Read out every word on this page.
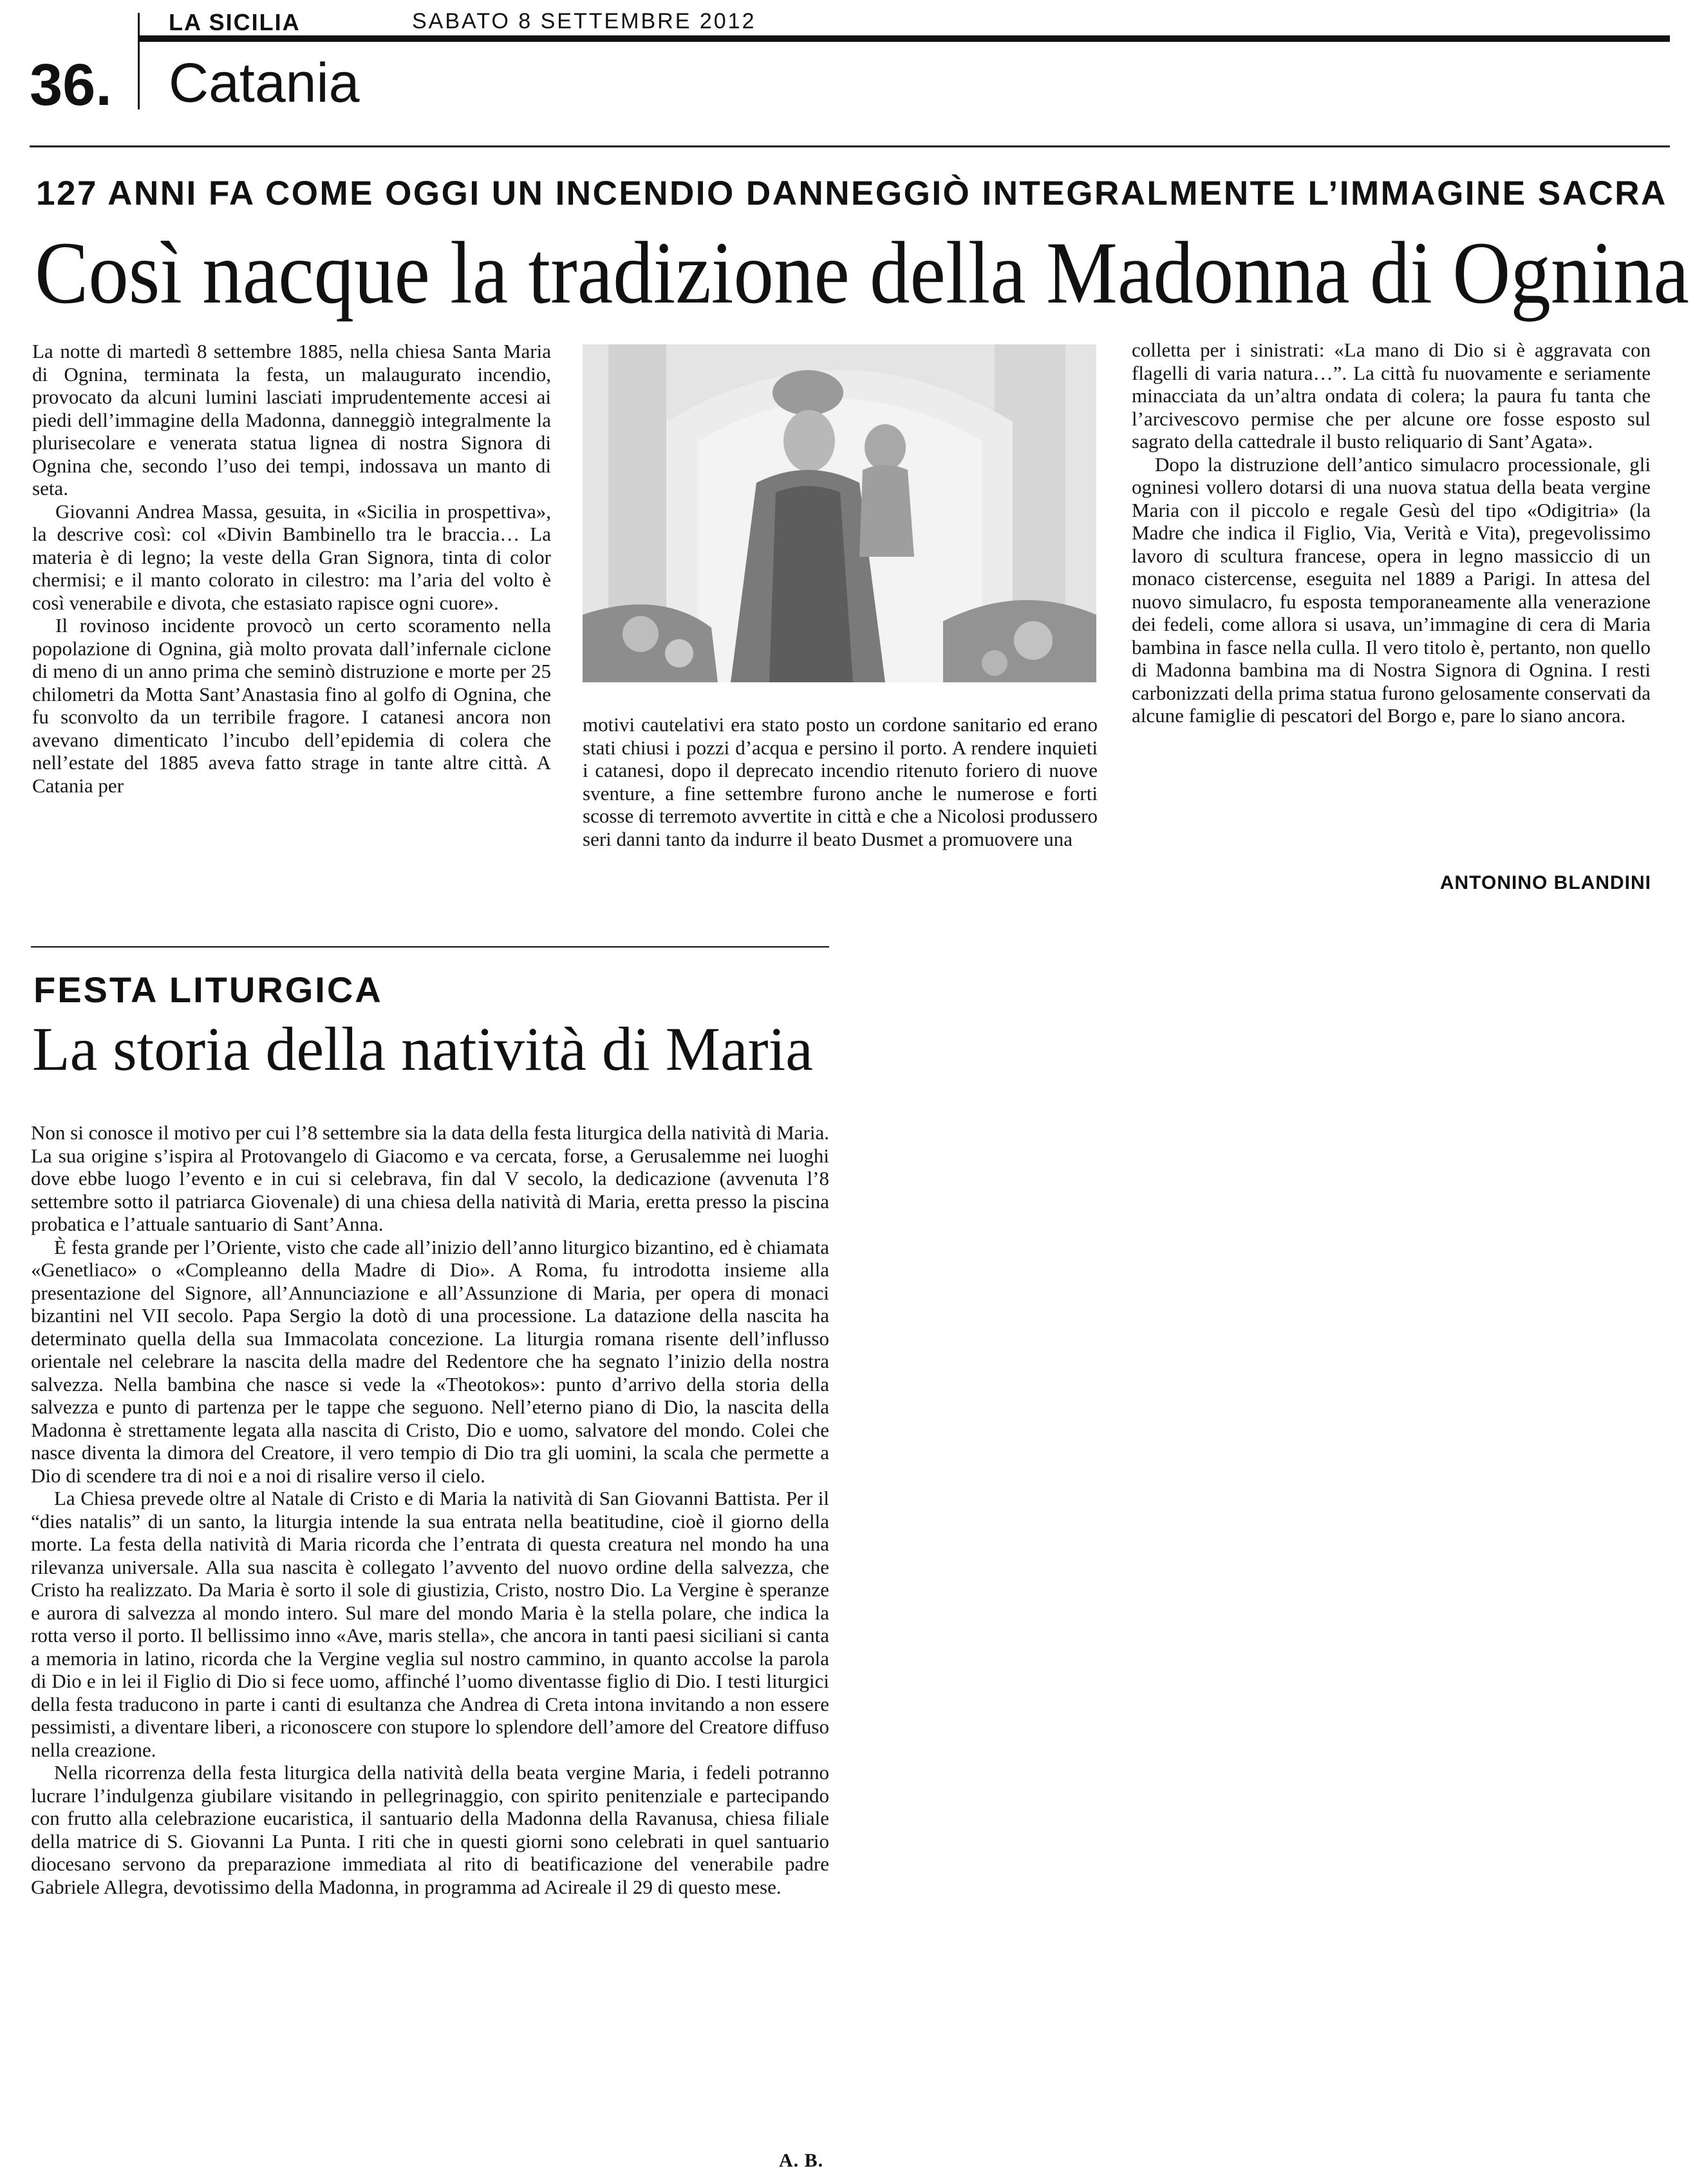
LA SICILIA	SABATO 8 SETTEMBRE 2012
36. Catania
127 ANNI FA COME OGGI UN INCENDIO DANNEGGIÒ INTEGRALMENTE L’IMMAGINE SACRA
Così nacque la tradizione della Madonna di Ognina

La notte di martedì 8 settembre 1885, nella chiesa Santa Maria di Ognina, terminata la festa, un malaugurato incendio, provocato da alcuni lumini lasciati imprudentemente accesi ai piedi dell’immagine della Madonna, danneggiò integralmente la plurisecolare e venerata statua lignea di nostra Signora di Ognina che, secondo l’uso dei tempi, indossava un manto di seta.

Giovanni Andrea Massa, gesuita, in «Sicilia in prospettiva», la descrive così: col «Divin Bambinello tra le braccia… La materia è di legno; la veste della Gran Signora, tinta di color chermisi; e il manto colorato in cilestro: ma l’aria del volto è così venerabile e divota, che estasiato rapisce ogni cuore».

Il rovinoso incidente provocò un certo scoramento nella popolazione di Ognina, già molto provata dall’infernale ciclone di meno di un anno prima che seminò distruzione e morte per 25 chilometri da Motta Sant’Anastasia fino al golfo di Ognina, che fu sconvolto da un terribile fragore. I catanesi ancora non avevano dimenticato l’incubo dell’epidemia di colera che nell’estate del 1885 aveva fatto strage in tante altre città. A Catania per

motivi cautelativi era stato posto un cordone sanitario ed erano stati chiusi i pozzi d’acqua e persino il porto. A rendere inquieti i catanesi, dopo il deprecato incendio ritenuto foriero di nuove sventure, a fine settembre furono anche le numerose e forti scosse di terremoto avvertite in città e che a Nicolosi produssero seri danni tanto da indurre il beato Dusmet a promuovere una

colletta per i sinistrati: «La mano di Dio si è aggravata con flagelli di varia natura…”. La città fu nuovamente e seriamente minacciata da un’altra ondata di colera; la paura fu tanta che l’arcivescovo permise che per alcune ore fosse esposto sul sagrato della cattedrale il busto reliquario di Sant’Agata».

Dopo la distruzione dell’antico simulacro processionale, gli ogninesi vollero dotarsi di una nuova statua della beata vergine Maria con il piccolo e regale Gesù del tipo «Odigitria» (la Madre che indica il Figlio, Via, Verità e Vita), pregevolissimo lavoro di scultura francese, opera in legno massiccio di un monaco cistercense, eseguita nel 1889 a Parigi. In attesa del nuovo simulacro, fu esposta temporaneamente alla venerazione dei fedeli, come allora si usava, un’immagine di cera di Maria bambina in fasce nella culla. Il vero titolo è, pertanto, non quello di Madonna bambina ma di Nostra Signora di Ognina. I resti carbonizzati della prima statua furono gelosamente conservati da alcune famiglie di pescatori del Borgo e, pare lo siano ancora.

ANTONINO BLANDINI
FESTA LITURGICA
La storia della natività di Maria

Non si conosce il motivo per cui l’8 settembre sia la data della festa liturgica della natività di Maria. La sua origine s’ispira al Protovangelo di Giacomo e va cercata, forse, a Gerusalemme nei luoghi dove ebbe luogo l’evento e in cui si celebrava, fin dal V secolo, la dedicazione (avvenuta l’8 settembre sotto il patriarca Giovenale) di una chiesa della natività di Maria, eretta presso la piscina probatica e l’attuale santuario di Sant’Anna.

È festa grande per l’Oriente, visto che cade all’inizio dell’anno liturgico bizantino, ed è chiamata «Genetliaco» o «Compleanno della Madre di Dio». A Roma, fu introdotta insieme alla presentazione del Signore, all’Annunciazione e all’Assunzione di Maria, per opera di monaci bizantini nel VII secolo. Papa Sergio la dotò di una processione. La datazione della nascita ha determinato quella della sua Immacolata concezione. La liturgia romana risente dell’influsso orientale nel celebrare la nascita della madre del Redentore che ha segnato l’inizio della nostra salvezza. Nella bambina che nasce si vede la «Theotokos»: punto d’arrivo della storia della salvezza e punto di partenza per le tappe che seguono. Nell’eterno piano di Dio, la nascita della Madonna è strettamente legata alla nascita di Cristo, Dio e uomo, salvatore del mondo. Colei che nasce diventa la dimora del Creatore, il vero tempio di Dio tra gli uomini, la scala che permette a Dio di scendere tra di noi e a noi di risalire verso il cielo.

La Chiesa prevede oltre al Natale di Cristo e di Maria la natività di San Giovanni Battista. Per il “dies natalis” di un santo, la liturgia intende la sua entrata nella beatitudine, cioè il giorno della morte. La festa della natività di Maria ricorda che l’entrata di questa creatura nel mondo ha una rilevanza universale. Alla sua nascita è collegato l’avvento del nuovo ordine della salvezza, che Cristo ha realizzato. Da Maria è sorto il sole di giustizia, Cristo, nostro Dio. La Vergine è speranze e aurora di salvezza al mondo intero. Sul mare del mondo Maria è la stella polare, che indica la rotta verso il porto. Il bellissimo inno «Ave, maris stella», che ancora in tanti paesi siciliani si canta a memoria in latino, ricorda che la Vergine veglia sul nostro cammino, in quanto accolse la parola di Dio e in lei il Figlio di Dio si fece uomo, affinché l’uomo diventasse figlio di Dio. I testi liturgici della festa traducono in parte i canti di esultanza che Andrea di Creta intona invitando a non essere pessimisti, a diventare liberi, a riconoscere con stupore lo splendore dell’amore del Creatore diffuso nella creazione.

Nella ricorrenza della festa liturgica della natività della beata vergine Maria, i fedeli potranno lucrare l’indulgenza giubilare visitando in pellegrinaggio, con spirito penitenziale e partecipando con frutto alla celebrazione eucaristica, il santuario della Madonna della Ravanusa, chiesa filiale della matrice di S. Giovanni La Punta. I riti che in questi giorni sono celebrati in quel santuario diocesano servono da preparazione immediata al rito di beatificazione del venerabile padre Gabriele Allegra, devotissimo della Madonna, in programma ad Acireale il 29 di questo mese.

A. B.
